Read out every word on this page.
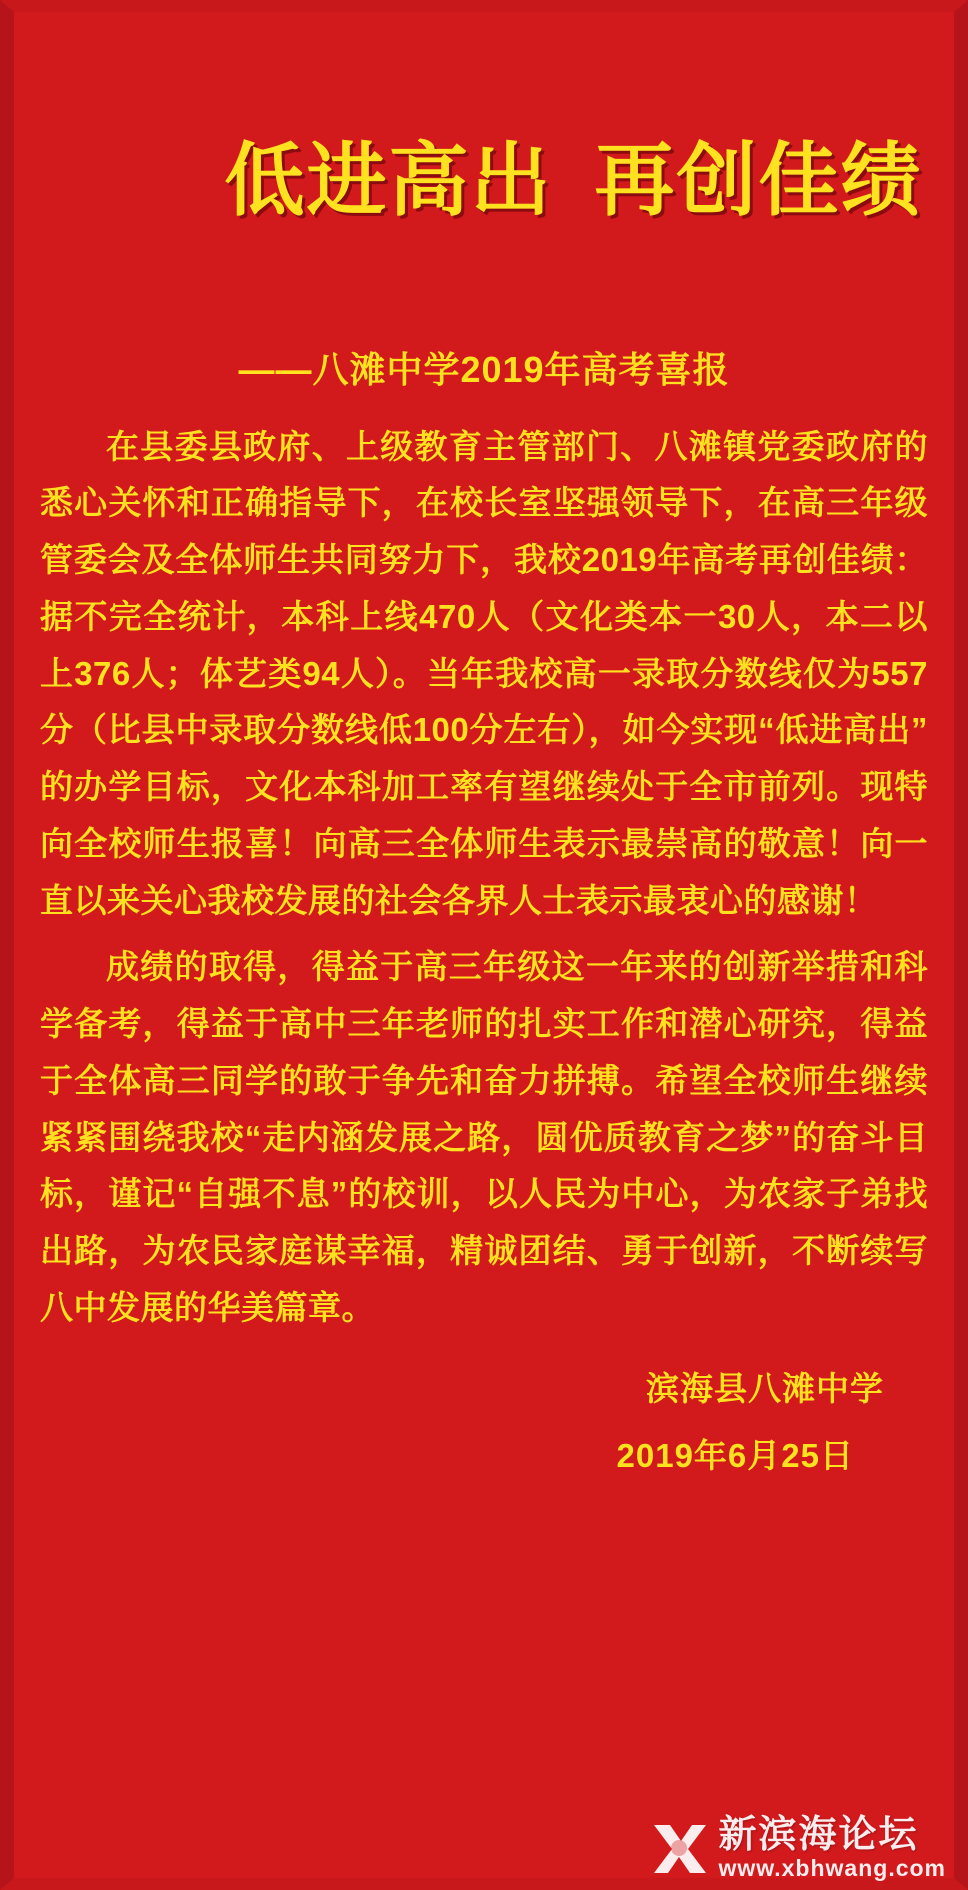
低进高出 再创佳绩

——八滩中学2019年高考喜报

在县委县政府、上级教育主管部门、八滩镇党委政府的悉心关怀和正确指导下，在校长室坚强领导下，在高三年级管委会及全体师生共同努力下，我校2019年高考再创佳绩：据不完全统计，本科上线470人（文化类本一30人，本二以上376人；体艺类94人）。当年我校高一录取分数线仅为557分（比县中录取分数线低100分左右），如今实现“低进高出”的办学目标，文化本科加工率有望继续处于全市前列。现特向全校师生报喜！向高三全体师生表示最崇高的敬意！向一直以来关心我校发展的社会各界人士表示最衷心的感谢！

成绩的取得，得益于高三年级这一年来的创新举措和科学备考，得益于高中三年老师的扎实工作和潜心研究，得益于全体高三同学的敢于争先和奋力拼搏。希望全校师生继续紧紧围绕我校“走内涵发展之路，圆优质教育之梦”的奋斗目标，谨记“自强不息”的校训，以人民为中心，为农家子弟找出路，为农民家庭谋幸福，精诚团结、勇于创新，不断续写八中发展的华美篇章。

滨海县八滩中学
2019年6月25日
新滨海论坛
www.xbhwang.com
